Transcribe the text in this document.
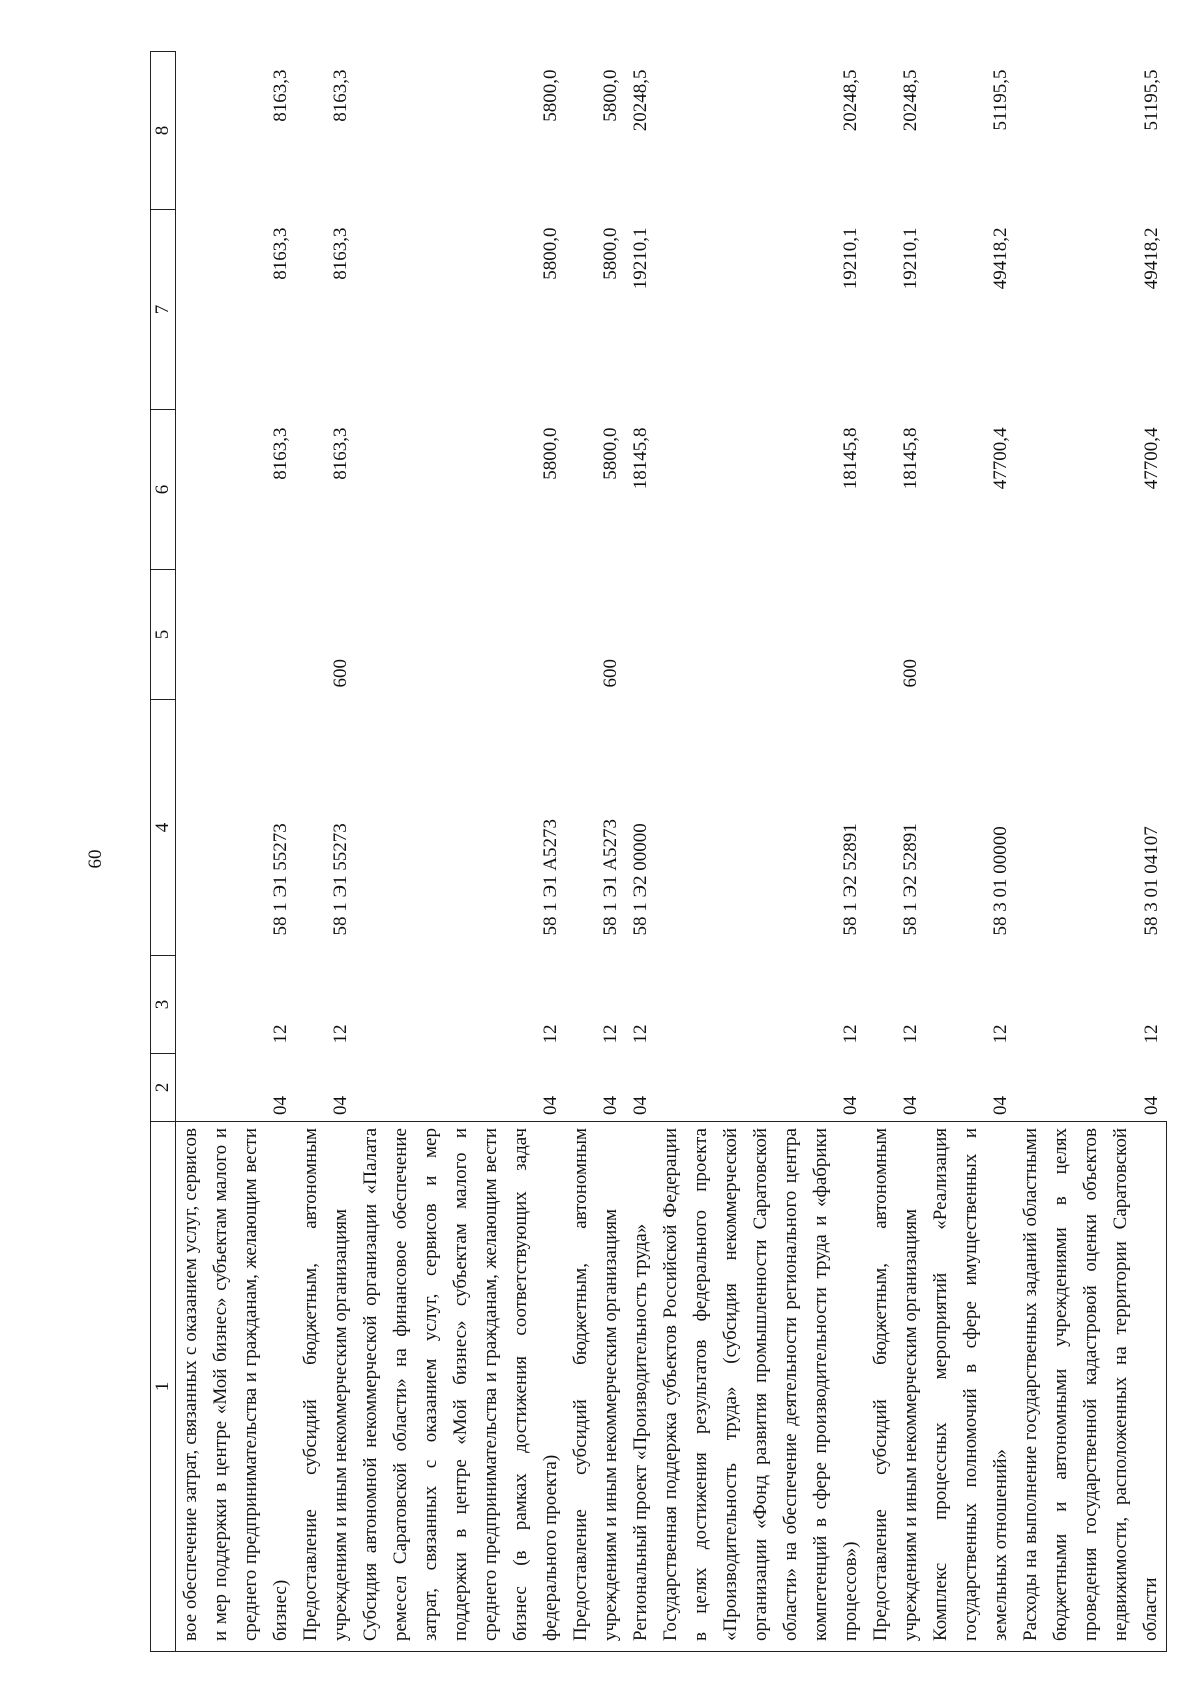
60
1	2	3	4	5	6	7	8
вое обеспечение затрат, связанных с оказанием услуг, сервисов и мер поддержки в центре «Мой бизнес» субъектам малого и среднего предпринимательства и гражданам, желающим вести бизнес)	04	12	58 1 Э1 55273		8163,3	8163,3	8163,3
Предоставление субсидий бюджетным, автономным учреждениям и иным некоммерческим организациям	04	12	58 1 Э1 55273	600	8163,3	8163,3	8163,3
Субсидия автономной некоммерческой организации «Палата ремесел Саратовской области» на финансовое обеспечение затрат, связанных с оказанием услуг, сервисов и мер поддержки в центре «Мой бизнес» субъектам малого и среднего предпринимательства и гражданам, желающим вести бизнес (в рамках достижения соответствующих задач федерального проекта)	04	12	58 1 Э1 А5273		5800,0	5800,0	5800,0
Предоставление субсидий бюджетным, автономным учреждениям и иным некоммерческим организациям	04	12	58 1 Э1 А5273	600	5800,0	5800,0	5800,0
Региональный проект «Производительность труда»	04	12	58 1 Э2 00000		18145,8	19210,1	20248,5
Государственная поддержка субъектов Российской Федерации в целях достижения результатов федерального проекта «Производительность труда» (субсидия некоммерческой организации «Фонд развития промышленности Саратовской области» на обеспечение деятельности регионального центра компетенций в сфере производительности труда и «фабрики процессов»)	04	12	58 1 Э2 52891		18145,8	19210,1	20248,5
Предоставление субсидий бюджетным, автономным учреждениям и иным некоммерческим организациям	04	12	58 1 Э2 52891	600	18145,8	19210,1	20248,5
Комплекс процессных мероприятий «Реализация государственных полномочий в сфере имущественных и земельных отношений»	04	12	58 3 01 00000		47700,4	49418,2	51195,5
Расходы на выполнение государственных заданий областными бюджетными и автономными учреждениями в целях проведения государственной кадастровой оценки объектов недвижимости, расположенных на территории Саратовской области	04	12	58 3 01 04107		47700,4	49418,2	51195,5
